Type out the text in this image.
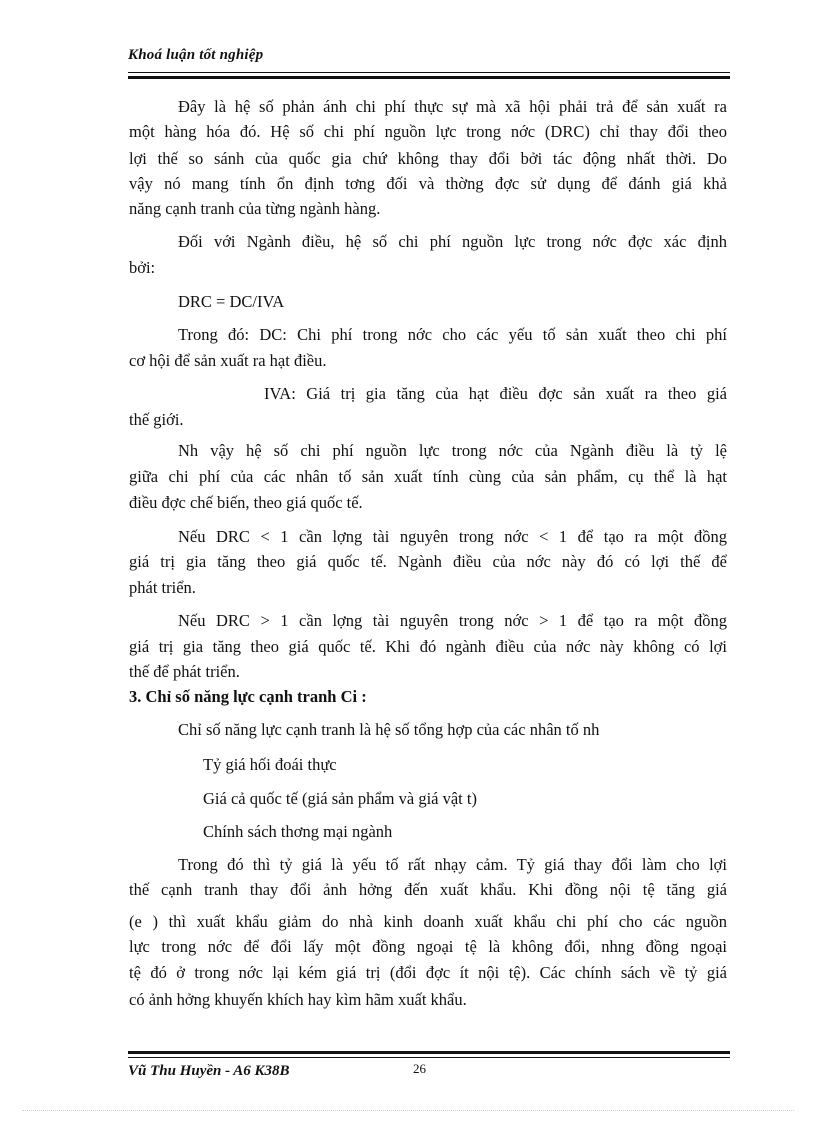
Khoá luận tốt nghiệp
Đây là hệ số phản ánh chi phí thực sự mà xã hội phải trả để sản xuất ra
một hàng hóa đó. Hệ số chi phí nguồn lực trong nớc (DRC) chỉ thay đổi theo
lợi thế so sánh của quốc gia chứ không thay đổi bởi tác động nhất thời. Do
vậy nó mang tính ổn định tơng đối và thờng đợc sử dụng để đánh giá khả
năng cạnh tranh của từng ngành hàng.
Đối với Ngành điều, hệ số chi phí nguồn lực trong nớc đợc xác định
bởi:
DRC = DC/IVA
Trong đó: DC: Chi phí trong nớc cho các yếu tố sản xuất theo chi phí
cơ hội để sản xuất ra hạt điều.
IVA: Giá trị gia tăng của hạt điều đợc sản xuất ra theo giá
thế giới.
Nh vậy hệ số chi phí nguồn lực trong nớc của Ngành điều là tỷ lệ
giữa chi phí của các nhân tố sản xuất tính cùng của sản phẩm, cụ thể là hạt
điều đợc chế biến, theo giá quốc tế.
Nếu DRC < 1 cần lợng tài nguyên trong nớc < 1 để tạo ra một đồng
giá trị gia tăng theo giá quốc tế. Ngành điều của nớc này đó có lợi thế để
phát triển.
Nếu DRC > 1 cần lợng tài nguyên trong nớc > 1 để tạo ra một đồng
giá trị gia tăng theo giá quốc tế. Khi đó ngành điều của nớc này không có lợi
thế để phát triển.
3. Chỉ số năng lực cạnh tranh Ci :
Chỉ số năng lực cạnh tranh là hệ số tổng hợp của các nhân tố nh
Tỷ giá hối đoái thực
Giá cả quốc tế (giá sản phẩm và giá vật t)
Chính sách thơng mại ngành
Trong đó thì tỷ giá là yếu tố rất nhạy cảm. Tỷ giá thay đổi làm cho lợi
thế cạnh tranh thay đổi ảnh hởng đến xuất khẩu. Khi đồng nội tệ tăng giá
(e ) thì xuất khẩu giảm do nhà kinh doanh xuất khẩu chi phí cho các nguồn
lực trong nớc để đổi lấy một đồng ngoại tệ là không đổi, nhng đồng ngoại
tệ đó ở trong nớc lại kém giá trị (đổi đợc ít nội tệ). Các chính sách về tỷ giá
có ảnh hởng khuyến khích hay kìm hãm xuất khẩu.
Vũ Thu Huyền - A6 K38B	26
